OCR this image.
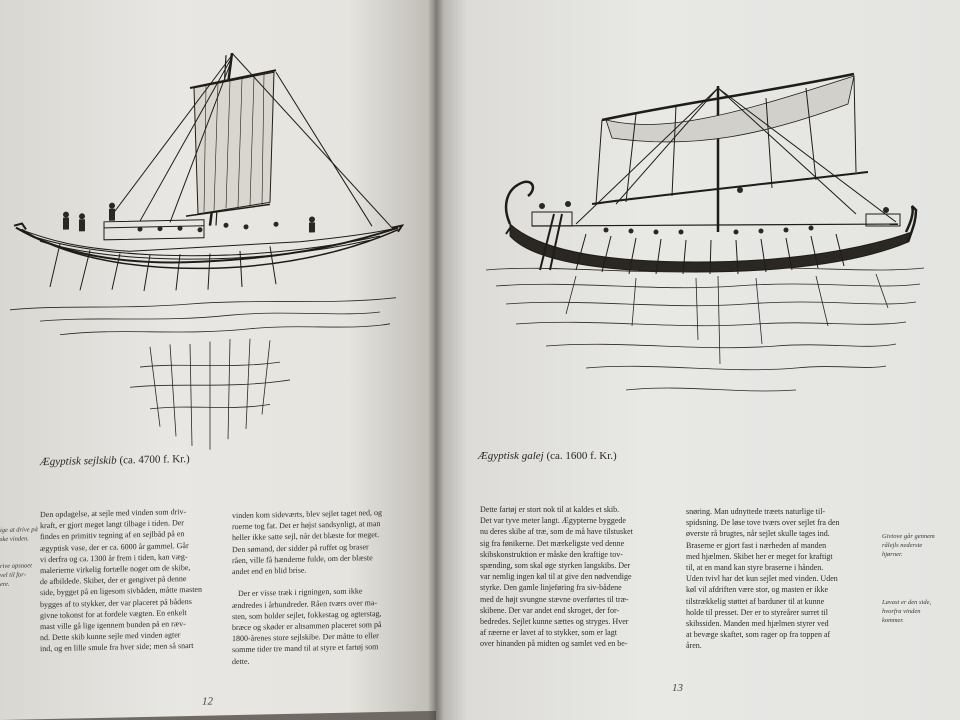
Ægyptisk sejlskib (ca. 4700 f. Kr.)
ige at drive på
ske vinden.

rive opsnoet
vel til for-
ere.
Den opdagelse, at sejle med vinden som driv-
kraft, er gjort meget langt tilbage i tiden. Der
findes en primitiv tegning af en sejlbåd på en
ægyptisk vase, der er ca. 6000 år gammel. Går
vi derfra og ca. 1300 år frem i tiden, kan væg-
malerierne virkelig fortælle noget om de skibe,
de afbildede. Skibet, der er gengivet på denne
side, bygget på en ligesom sivbåden, måtte masten
bygges af to stykker, der var placeret på bådens
givne tokonst for at fordele vægten. En enkelt
mast ville gå lige igennem bunden på en ræv-
nd. Dette skib kunne sejle med vinden agter
ind, og en lille smule fra hver side; men så snart
vinden kom sideværts, blev sejlet taget ned, og
roerne tog fat. Det er højst sandsynligt, at man
heller ikke satte sejl, når det blæste for meget.
Den sømand, der sidder på ruffet og braser
råen, ville få hænderne fulde, om der blæste
andet end en blid brise.

Der er visse træk i rigningen, som ikke
ændredes i århundreder. Råen tværs over ma-
sten, som holder sejlet, fokkestag og agterstag,
bræce og skøder er altsammen placeret som på
1800-årenes store sejlskibe. Der måtte to eller
somme tider tre mand til at styre et fartøj som
dette.
12
Ægyptisk galej (ca. 1600 f. Kr.)
Dette fartøj er stort nok til at kaldes et skib.
Det var tyve meter langt. Ægypterne byggede
nu deres skibe af træ, som de må have tilstusket
sig fra fønikerne. Det mærkeligste ved denne
skibskonstruktion er måske den kraftige tov-
spænding, som skal øge styrken langskibs. Der
var nemlig ingen køl til at give den nødvendige
styrke. Den gamle linjeføring fra siv-bådene
med de højt svungne stævne overførtes til træ-
skibene. Der var andet end skroget, der for-
bedredes. Sejlet kunne sættes og stryges. Hver
af ræerne er lavet af to stykker, som er lagt
over hinanden på midten og samlet ved en be-
snøring. Man udnyttede træets naturlige til-
spidsning. De løse tove tværs over sejlet fra den
øverste rå brugtes, når sejlet skulle tages ind.
Braserne er gjort fast i nærheden af manden
med hjælmen. Skibet her er meget for kraftigt
til, at en mand kan styre braserne i hånden.
Uden tvivl har det kun sejlet med vinden. Uden
køl vil afdriften være stor, og masten er ikke
tilstrækkelig støttet af barduner til at kunne
holde til presset. Der er to styreårer surret til
skibssiden. Manden med hjælmen styrer ved
at bevæge skaftet, som rager op fra toppen af
åren.
Givtove går gennem
rålejls nederste
hjørner.
Lavast er den side,
hvorfra vinden
kommer.
13
